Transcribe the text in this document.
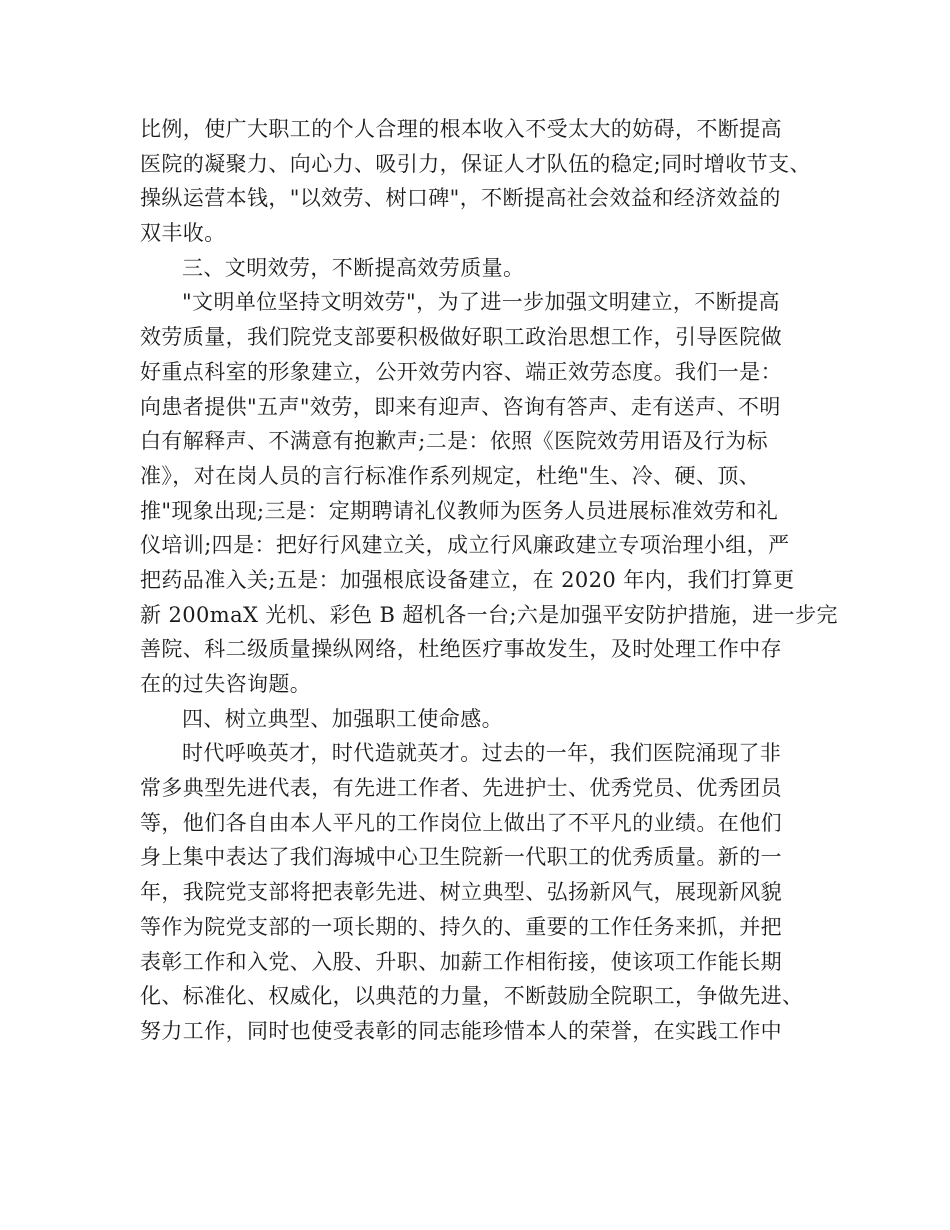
比例，使广大职工的个人合理的根本收入不受太大的妨碍，不断提高
医院的凝聚力、向心力、吸引力，保证人才队伍的稳定;同时增收节支、
操纵运营本钱，"以效劳、树口碑"，不断提高社会效益和经济效益的
双丰收。
三、文明效劳，不断提高效劳质量。
"文明单位坚持文明效劳"，为了进一步加强文明建立，不断提高
效劳质量，我们院党支部要积极做好职工政治思想工作，引导医院做
好重点科室的形象建立，公开效劳内容、端正效劳态度。我们一是：
向患者提供"五声"效劳，即来有迎声、咨询有答声、走有送声、不明
白有解释声、不满意有抱歉声;二是：依照《医院效劳用语及行为标
准》，对在岗人员的言行标准作系列规定，杜绝"生、冷、硬、顶、
推"现象出现;三是：定期聘请礼仪教师为医务人员进展标准效劳和礼
仪培训;四是：把好行风建立关，成立行风廉政建立专项治理小组，严
把药品准入关;五是：加强根底设备建立，在 2020 年内，我们打算更
新 200maX 光机、彩色 B 超机各一台;六是加强平安防护措施，进一步完
善院、科二级质量操纵网络，杜绝医疗事故发生，及时处理工作中存
在的过失咨询题。
四、树立典型、加强职工使命感。
时代呼唤英才，时代造就英才。过去的一年，我们医院涌现了非
常多典型先进代表，有先进工作者、先进护士、优秀党员、优秀团员
等，他们各自由本人平凡的工作岗位上做出了不平凡的业绩。在他们
身上集中表达了我们海城中心卫生院新一代职工的优秀质量。新的一
年，我院党支部将把表彰先进、树立典型、弘扬新风气，展现新风貌
等作为院党支部的一项长期的、持久的、重要的工作任务来抓，并把
表彰工作和入党、入股、升职、加薪工作相衔接，使该项工作能长期
化、标准化、权威化，以典范的力量，不断鼓励全院职工，争做先进、
努力工作，同时也使受表彰的同志能珍惜本人的荣誉，在实践工作中
